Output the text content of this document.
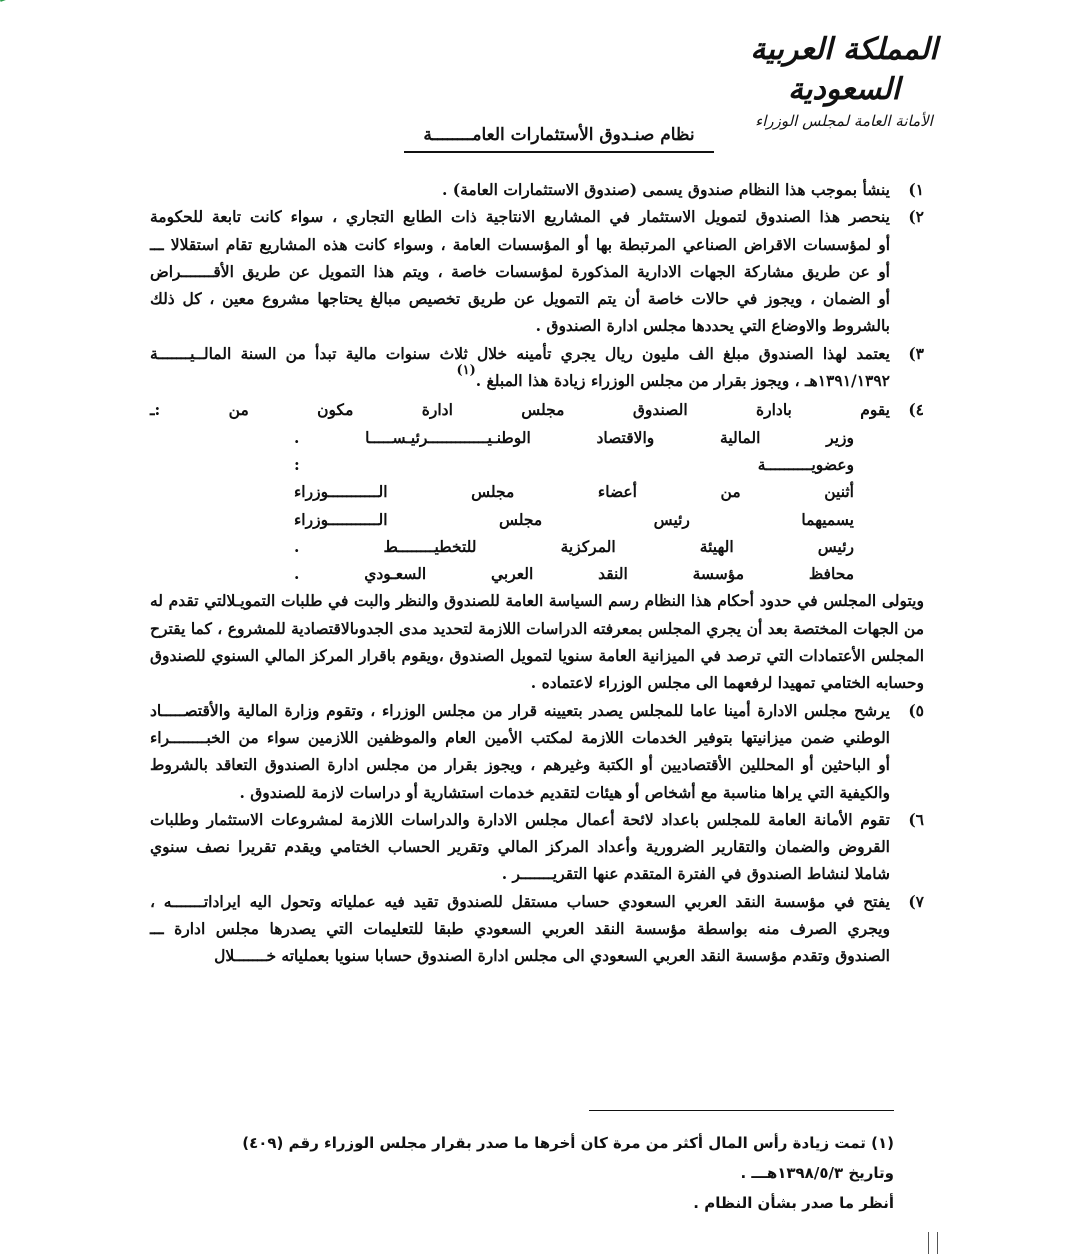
المملكة العربية السعودية
الأمانة العامة لمجلس الوزراء
نظام صنـدوق الأستثمارات العامــــــــة
١)
ينشأ بموجب هذا النظام صندوق يسمى (صندوق الاستثمارات العامة) .
٢)
ينحصر هذا الصندوق لتمويل الاستثمار في المشاريع الانتاجية ذات الطابع التجاري ، سواء كانت تابعة للحكومة
أو لمؤسسات الاقراض الصناعي المرتبطة بها أو المؤسسات العامة ، وسواء كانت هذه المشاريع تقام استقلالا ـــ
أو عن طريق مشاركة الجهات الادارية المذكورة لمؤسسات خاصة ، ويتم هذا التمويل عن طريق الأقـــــــراض
أو الضمان ، ويجوز في حالات خاصة أن يتم التمويل عن طريق تخصيص مبالغ يحتاجها مشروع معين ، كل ذلك
بالشروط والاوضاع التي يحددها مجلس ادارة الصندوق .
٣)
يعتمد لهذا الصندوق مبلغ الف مليون ريال يجري تأمينه خلال ثلاث سنوات مالية تبدأ من السنة المالــيـــــــة
١٣٩١/١٣٩٢هـ ، ويجوز بقرار من مجلس الوزراء زيادة هذا المبلغ .$^{(١)}$
٤)
يقوم بادارة الصندوق مجلس ادارة مكون من :ـ
وزير المالية والاقتصاد الوطنـيـــــــــــــرئيـســـــا .
وعضويــــــــــة :
أثنين من أعضاء مجلس الـــــــــــوزراء
يسميهما رئيس مجلس الـــــــــــوزراء
رئيس الهيئة المركزية للتخطيــــــــط .
محافظ مؤسسة النقد العربي السعـودي .
ويتولى المجلس في حدود أحكام هذا النظام رسم السياسة العامة للصندوق والنظر والبت في طلبات التمويـلالتي تقدم له من الجهات المختصة بعد أن يجري المجلس بمعرفته الدراسات اللازمة لتحديد مدى الجدوىالاقتصادية للمشروع ، كما يقترح المجلس الأعتمادات التي ترصد في الميزانية العامة سنويا لتمويل الصندوق ،ويقوم باقرار المركز المالي السنوي للصندوق وحسابه الختامي تمهيدا لرفعهما الى مجلس الوزراء لاعتماده .
٥)
يرشح مجلس الادارة أمينا عاما للمجلس يصدر بتعيينه قرار من مجلس الوزراء ، وتقوم وزارة المالية والأقتصـــــاد
الوطني ضمن ميزانيتها بتوفير الخدمات اللازمة لمكتب الأمين العام والموظفين اللازمين سواء من الخبــــــــراء
أو الباحثين أو المحللين الأقتصاديين أو الكتبة وغيرهم ، ويجوز بقرار من مجلس ادارة الصندوق التعاقد بالشروط
والكيفية التي يراها مناسبة مع أشخاص أو هيئات لتقديم خدمات استشارية أو دراسات لازمة للصندوق .
٦)
تقوم الأمانة العامة للمجلس باعداد لائحة أعمال مجلس الادارة والدراسات اللازمة لمشروعات الاستثمار وطلبات
القروض والضمان والتقارير الضرورية وأعداد المركز المالي وتقرير الحساب الختامي ويقدم تقريرا نصف سنوي
شاملا لنشاط الصندوق في الفترة المتقدم عنها التقريـــــــر .
٧)
يفتح في مؤسسة النقد العربي السعودي حساب مستقل للصندوق تقيد فيه عملياته وتحول اليه ايراداتـــــــه ،
ويجري الصرف منه بواسطة مؤسسة النقد العربي السعودي طبقا للتعليمات التي يصدرها مجلس ادارة ـــ
الصندوق وتقدم مؤسسة النقد العربي السعودي الى مجلس ادارة الصندوق حسابا سنويا بعملياته خـــــــلال
(١) تمت زيادة رأس المال أكثر من مرة كان أخرها ما صدر بقرار مجلس الوزراء رقم (٤٠٩) وتاريخ ١٣٩٨/٥/٣هـــ .
أنظر ما صدر بشأن النظام .
